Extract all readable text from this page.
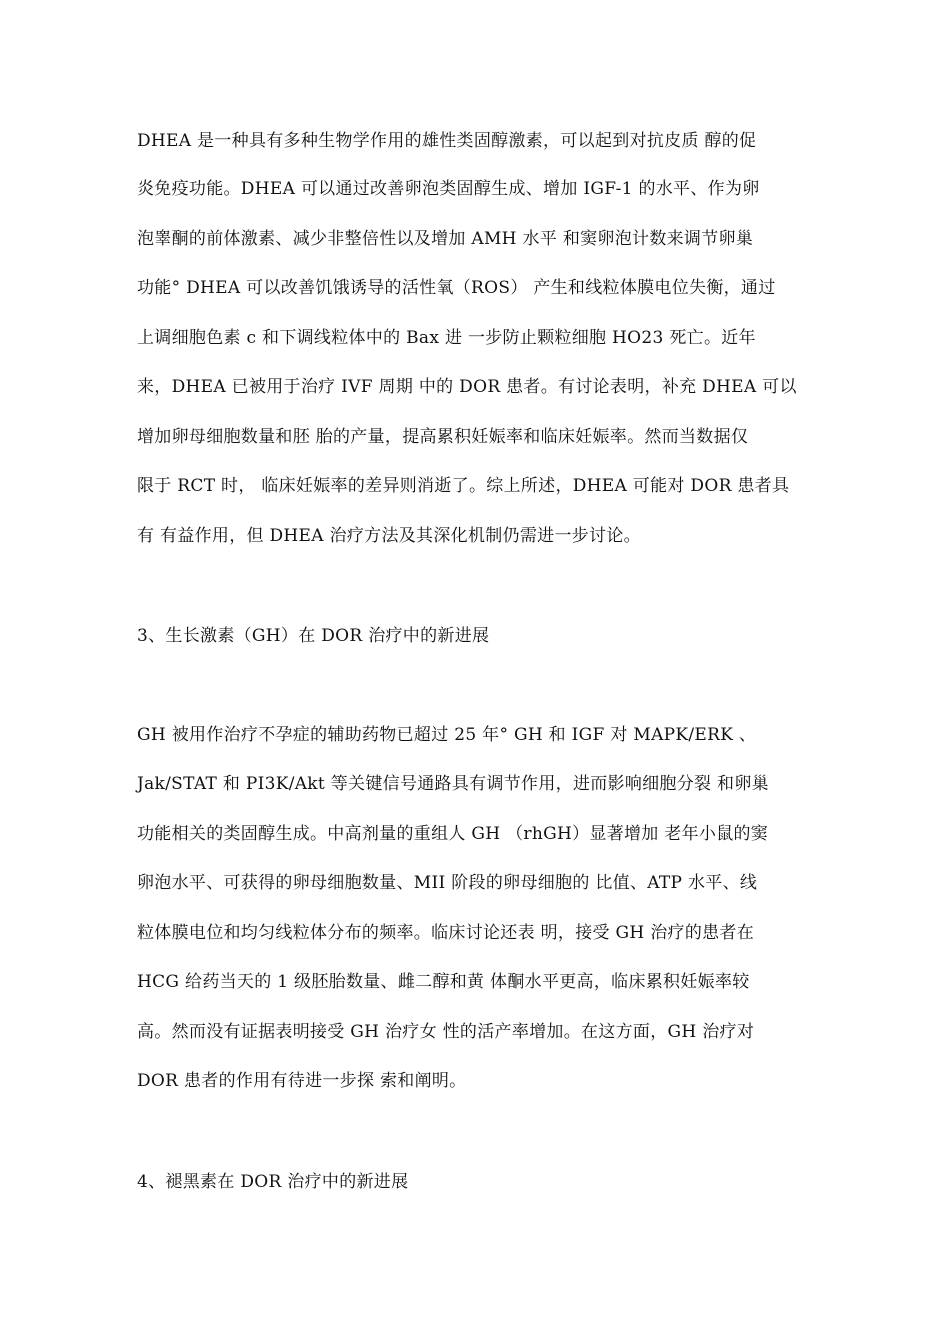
DHEA 是一种具有多种生物学作用的雄性类固醇激素，可以起到对抗皮质 醇的促
炎免疫功能。DHEA 可以通过改善卵泡类固醇生成、增加 IGF-1 的水平、作为卵
泡睾酮的前体激素、减少非整倍性以及增加 AMH 水平 和窦卵泡计数来调节卵巢
功能° DHEA 可以改善饥饿诱导的活性氧（ROS） 产生和线粒体膜电位失衡，通过
上调细胞色素 c 和下调线粒体中的 Bax 进 一步防止颗粒细胞 HO23 死亡。近年
来，DHEA 已被用于治疗 IVF 周期 中的 DOR 患者。有讨论表明，补充 DHEA 可以
增加卵母细胞数量和胚 胎的产量，提高累积妊娠率和临床妊娠率。然而当数据仅
限于 RCT 时， 临床妊娠率的差异则消逝了。综上所述，DHEA 可能对 DOR 患者具
有 有益作用，但 DHEA 治疗方法及其深化机制仍需进一步讨论。
3、生长激素（GH）在 DOR 治疗中的新进展
GH 被用作治疗不孕症的辅助药物已超过 25 年° GH 和 IGF 对 MAPK/ERK 、
Jak/STAT 和 PI3K/Akt 等关键信号通路具有调节作用，进而影响细胞分裂 和卵巢
功能相关的类固醇生成。中高剂量的重组人 GH （rhGH）显著增加 老年小鼠的窦
卵泡水平、可获得的卵母细胞数量、MII 阶段的卵母细胞的 比值、ATP 水平、线
粒体膜电位和均匀线粒体分布的频率。临床讨论还表 明，接受 GH 治疗的患者在
HCG 给药当天的 1 级胚胎数量、雌二醇和黄 体酮水平更高，临床累积妊娠率较
高。然而没有证据表明接受 GH 治疗女 性的活产率增加。在这方面，GH 治疗对
DOR 患者的作用有待进一步探 索和阐明。
4、褪黑素在 DOR 治疗中的新进展
